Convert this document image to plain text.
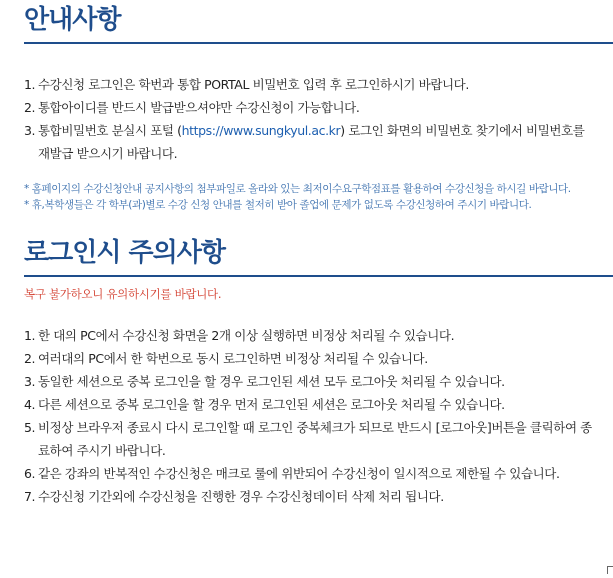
안내사항
1. 수강신청 로그인은 학번과 통합 PORTAL 비밀번호 입력 후 로그인하시기 바랍니다.
2. 통합아이디를 반드시 발급받으셔야만 수강신청이 가능합니다.
3. 통합비밀번호 분실시 포털 (https://www.sungkyul.ac.kr) 로그인 화면의 비밀번호 찾기에서 비밀번호를 재발급 받으시기 바랍니다.

* 홈페이지의 수강신청안내 공지사항의 첨부파일로 올라와 있는 최저이수요구학점표를 활용하여 수강신청을 하시길 바랍니다.

* 휴,복학생들은 각 학부(과)별로 수강 신청 안내를 철저히 받아 졸업에 문제가 없도록 수강신청하여 주시기 바랍니다.

로그인시 주의사항

복구 불가하오니 유의하시기를 바랍니다.

1. 한 대의 PC에서 수강신청 화면을 2개 이상 실행하면 비정상 처리될 수 있습니다.
2. 여러대의 PC에서 한 학번으로 동시 로그인하면 비정상 처리될 수 있습니다.
3. 동일한 세션으로 중복 로그인을 할 경우 로그인된 세션 모두 로그아웃 처리될 수 있습니다.
4. 다른 세션으로 중복 로그인을 할 경우 먼저 로그인된 세션은 로그아웃 처리될 수 있습니다.
5. 비정상 브라우저 종료시 다시 로그인할 때 로그인 중복체크가 되므로 반드시 [로그아웃]버튼을 클릭하여 종료하여 주시기 바랍니다.
6. 같은 강좌의 반복적인 수강신청은 매크로 룰에 위반되어 수강신청이 일시적으로 제한될 수 있습니다.
7. 수강신청 기간외에 수강신청을 진행한 경우 수강신청데이터 삭제 처리 됩니다.
